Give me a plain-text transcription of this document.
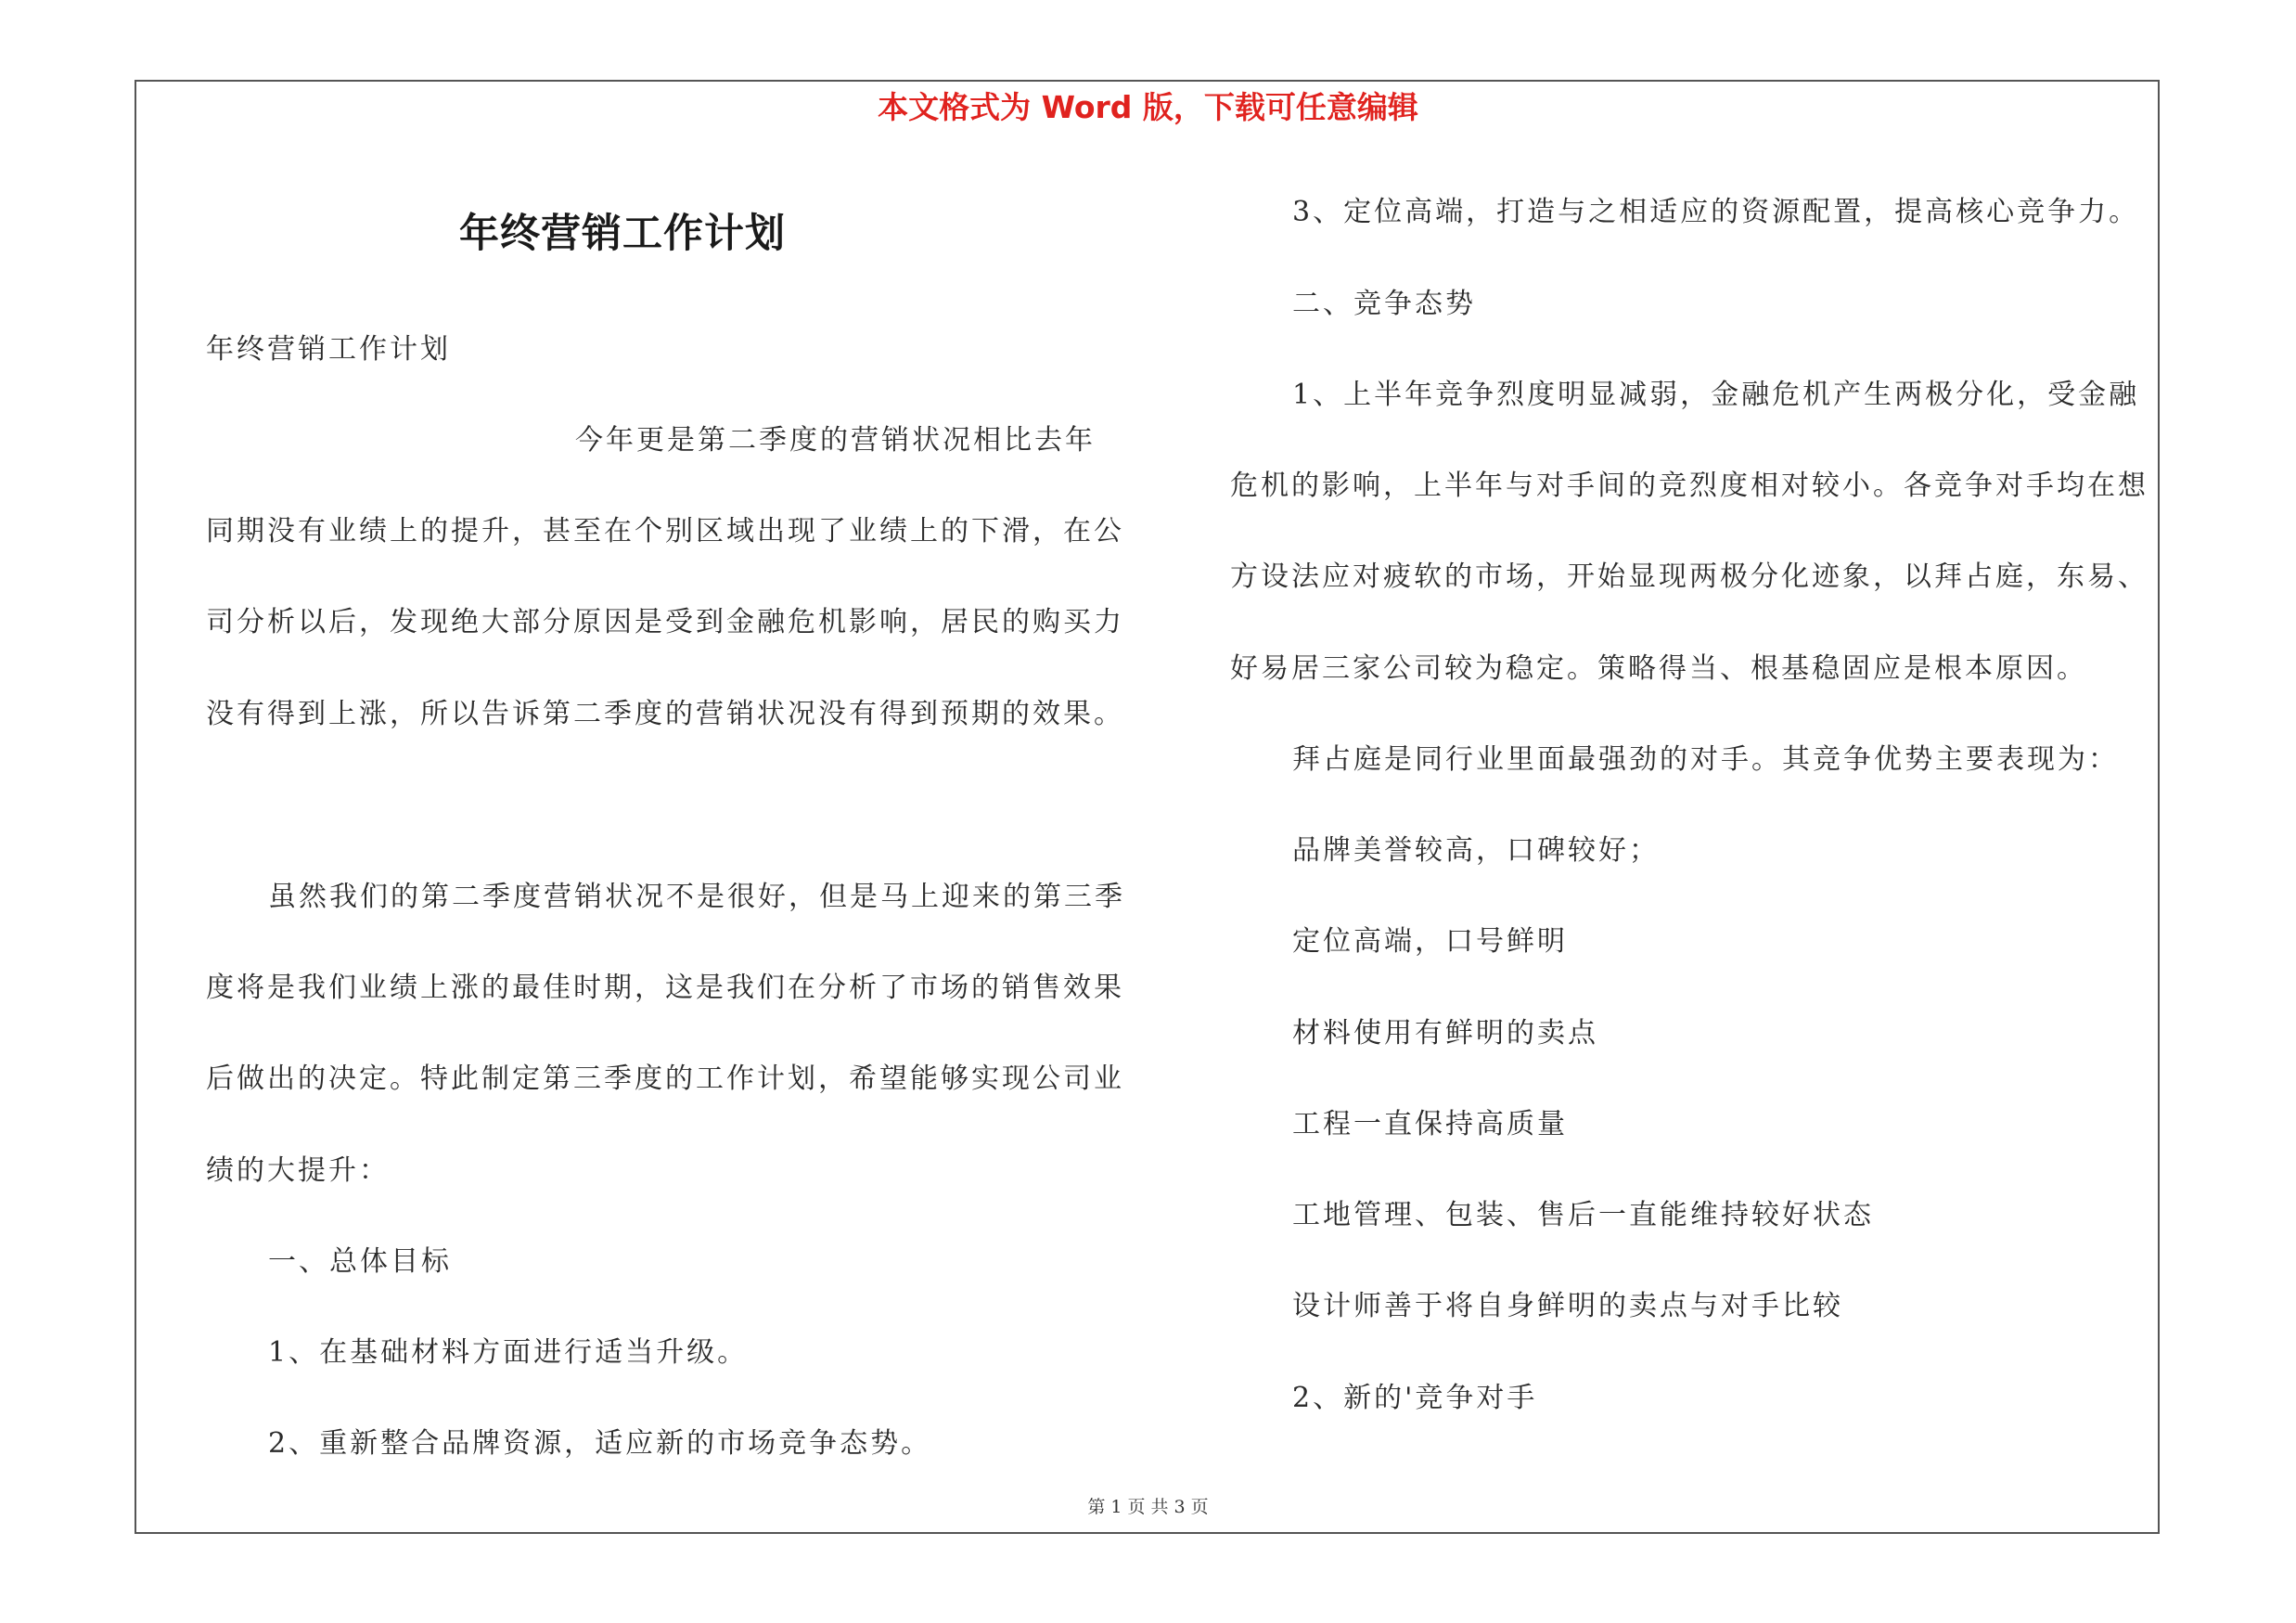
本文格式为 Word 版，下载可任意编辑
年终营销工作计划
年终营销工作计划
今年更是第二季度的营销状况相比去年
同期没有业绩上的提升，甚至在个别区域出现了业绩上的下滑，在公
司分析以后，发现绝大部分原因是受到金融危机影响，居民的购买力
没有得到上涨，所以告诉第二季度的营销状况没有得到预期的效果。
虽然我们的第二季度营销状况不是很好，但是马上迎来的第三季
度将是我们业绩上涨的最佳时期，这是我们在分析了市场的销售效果
后做出的决定。特此制定第三季度的工作计划，希望能够实现公司业
绩的大提升：
一、总体目标
1、在基础材料方面进行适当升级。
2、重新整合品牌资源，适应新的市场竞争态势。
3、定位高端，打造与之相适应的资源配置，提高核心竞争力。
二、竞争态势
1、上半年竞争烈度明显减弱，金融危机产生两极分化，受金融
危机的影响，上半年与对手间的竞烈度相对较小。各竞争对手均在想
方设法应对疲软的市场，开始显现两极分化迹象，以拜占庭，东易、
好易居三家公司较为稳定。策略得当、根基稳固应是根本原因。
拜占庭是同行业里面最强劲的对手。其竞争优势主要表现为：
品牌美誉较高，口碑较好；
定位高端，口号鲜明
材料使用有鲜明的卖点
工程一直保持高质量
工地管理、包装、售后一直能维持较好状态
设计师善于将自身鲜明的卖点与对手比较
2、新的'竞争对手
第 1 页 共 3 页
